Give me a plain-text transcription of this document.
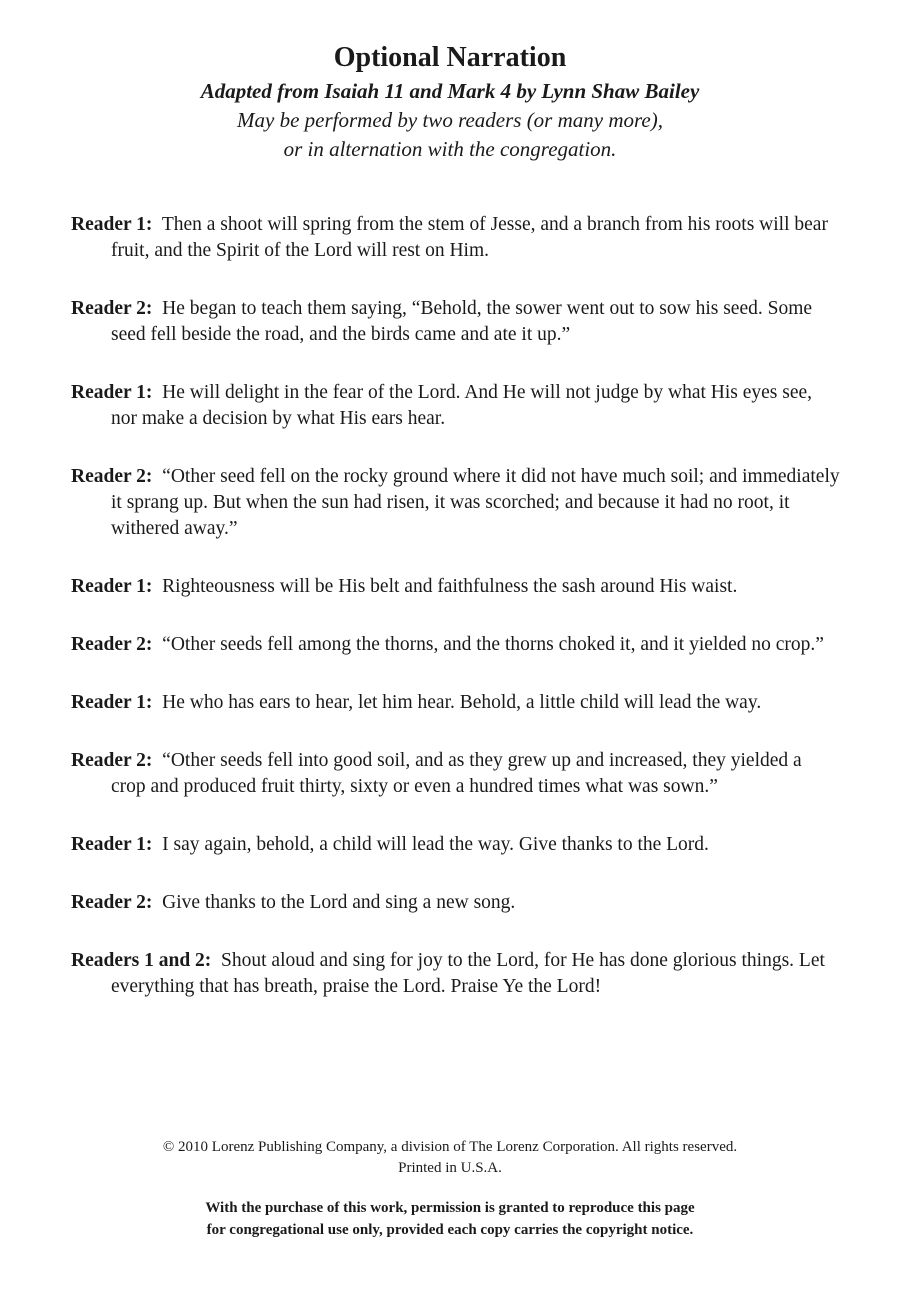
Optional Narration

Adapted from Isaiah 11 and Mark 4 by Lynn Shaw Bailey

May be performed by two readers (or many more),

or in alternation with the congregation.

Reader 1: Then a shoot will spring from the stem of Jesse, and a branch from his roots will bear fruit, and the Spirit of the Lord will rest on Him.
Reader 2: He began to teach them saying, “Behold, the sower went out to sow his seed. Some seed fell beside the road, and the birds came and ate it up.”
Reader 1: He will delight in the fear of the Lord. And He will not judge by what His eyes see, nor make a decision by what His ears hear.
Reader 2: “Other seed fell on the rocky ground where it did not have much soil; and immediately it sprang up. But when the sun had risen, it was scorched; and because it had no root, it withered away.”
Reader 1: Righteousness will be His belt and faithfulness the sash around His waist.
Reader 2: “Other seeds fell among the thorns, and the thorns choked it, and it yielded no crop.”
Reader 1: He who has ears to hear, let him hear. Behold, a little child will lead the way.
Reader 2: “Other seeds fell into good soil, and as they grew up and increased, they yielded a crop and produced fruit thirty, sixty or even a hundred times what was sown.”
Reader 1: I say again, behold, a child will lead the way. Give thanks to the Lord.
Reader 2: Give thanks to the Lord and sing a new song.
Readers 1 and 2: Shout aloud and sing for joy to the Lord, for He has done glorious things. Let everything that has breath, praise the Lord. Praise Ye the Lord!

© 2010 Lorenz Publishing Company, a division of The Lorenz Corporation. All rights reserved.

Printed in U.S.A.

With the purchase of this work, permission is granted to reproduce this page

for congregational use only, provided each copy carries the copyright notice.
